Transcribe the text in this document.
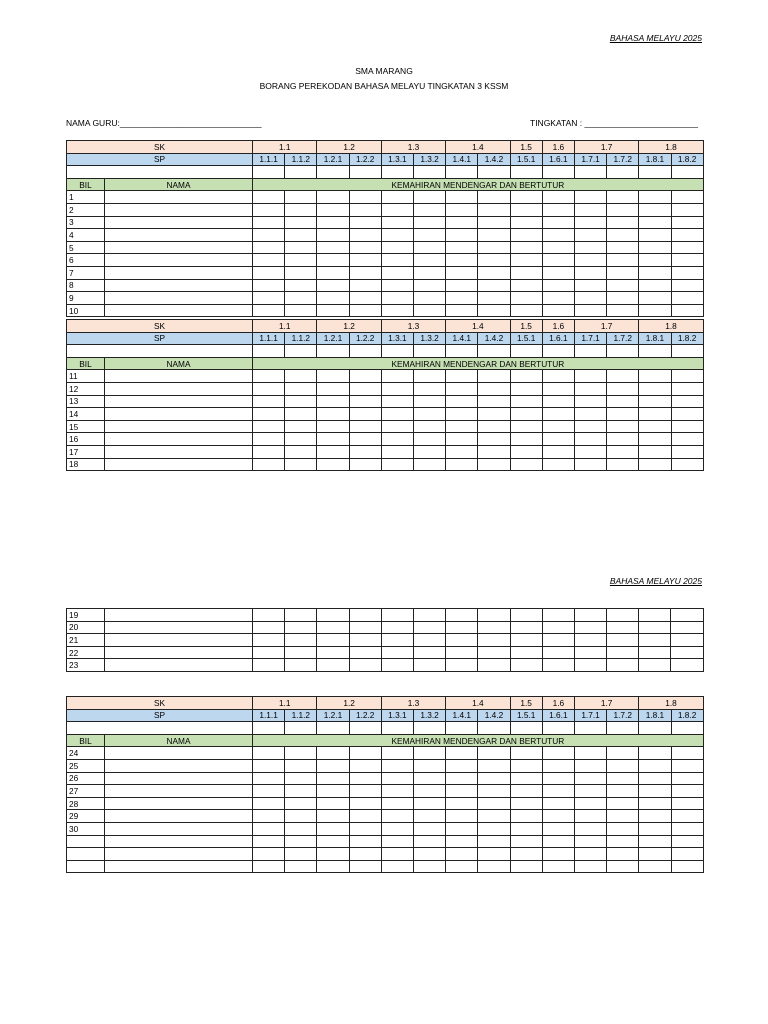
BAHASA MELAYU 2025
SMA MARANG
BORANG PEREKODAN BAHASA MELAYU TINGKATAN 3 KSSM
NAMA GURU:______________________________	TINGKATAN : ________________________
SK		1.1		1.2		1.3		1.4		1.5	1.6	1.7		1.8	
SP		1.1.1	1.1.2	1.2.1	1.2.2	1.3.1	1.3.2	1.4.1	1.4.2	1.5.1	1.6.1	1.7.1	1.7.2	1.8.1	1.8.2

BIL	NAMA	KEMAHIRAN MENDENGAR DAN BERTUTUR													
1															
2															
3															
4															
5															
6															
7															
8															
9															
10															
SK		1.1		1.2		1.3		1.4		1.5	1.6	1.7		1.8	
SP		1.1.1	1.1.2	1.2.1	1.2.2	1.3.1	1.3.2	1.4.1	1.4.2	1.5.1	1.6.1	1.7.1	1.7.2	1.8.1	1.8.2

BIL	NAMA	KEMAHIRAN MENDENGAR DAN BERTUTUR													
11															
12															
13															
14															
15															
16															
17															
18															
BAHASA MELAYU 2025
19															
20															
21															
22															
23															
SK		1.1		1.2		1.3		1.4		1.5	1.6	1.7		1.8	
SP		1.1.1	1.1.2	1.2.1	1.2.2	1.3.1	1.3.2	1.4.1	1.4.2	1.5.1	1.6.1	1.7.1	1.7.2	1.8.1	1.8.2

BIL	NAMA	KEMAHIRAN MENDENGAR DAN BERTUTUR													
24															
25															
26															
27															
28															
29															
30															
